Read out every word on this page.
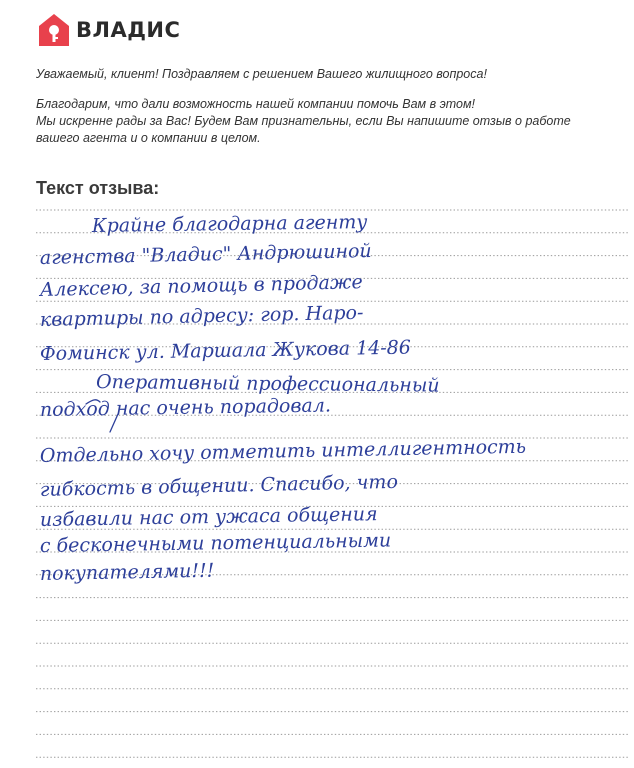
ВЛАДИС
Уважаемый, клиент! Поздравляем с решением Вашего жилищного вопроса!
Благодарим, что дали возможность нашей компании помочь Вам в этом!
Мы искренне рады за Вас! Будем Вам признательны, если Вы напишите отзыв о работе
вашего агента и о компании в целом.
Текст отзыва:
Крайне благодарна агенту
агенства "Владис" Андрюшиной
Алексею, за помощь в продаже
квартиры по адресу: гор. Наро-
Фоминск ул. Маршала Жукова 14-86
Оперативный профессиональный
подход нас очень порадовал.
Отдельно хочу отметить интеллигентность
гибкость в общении. Спасибо, что
избавили нас от ужаса общения
с бесконечными потенциальными
покупателями!!!
